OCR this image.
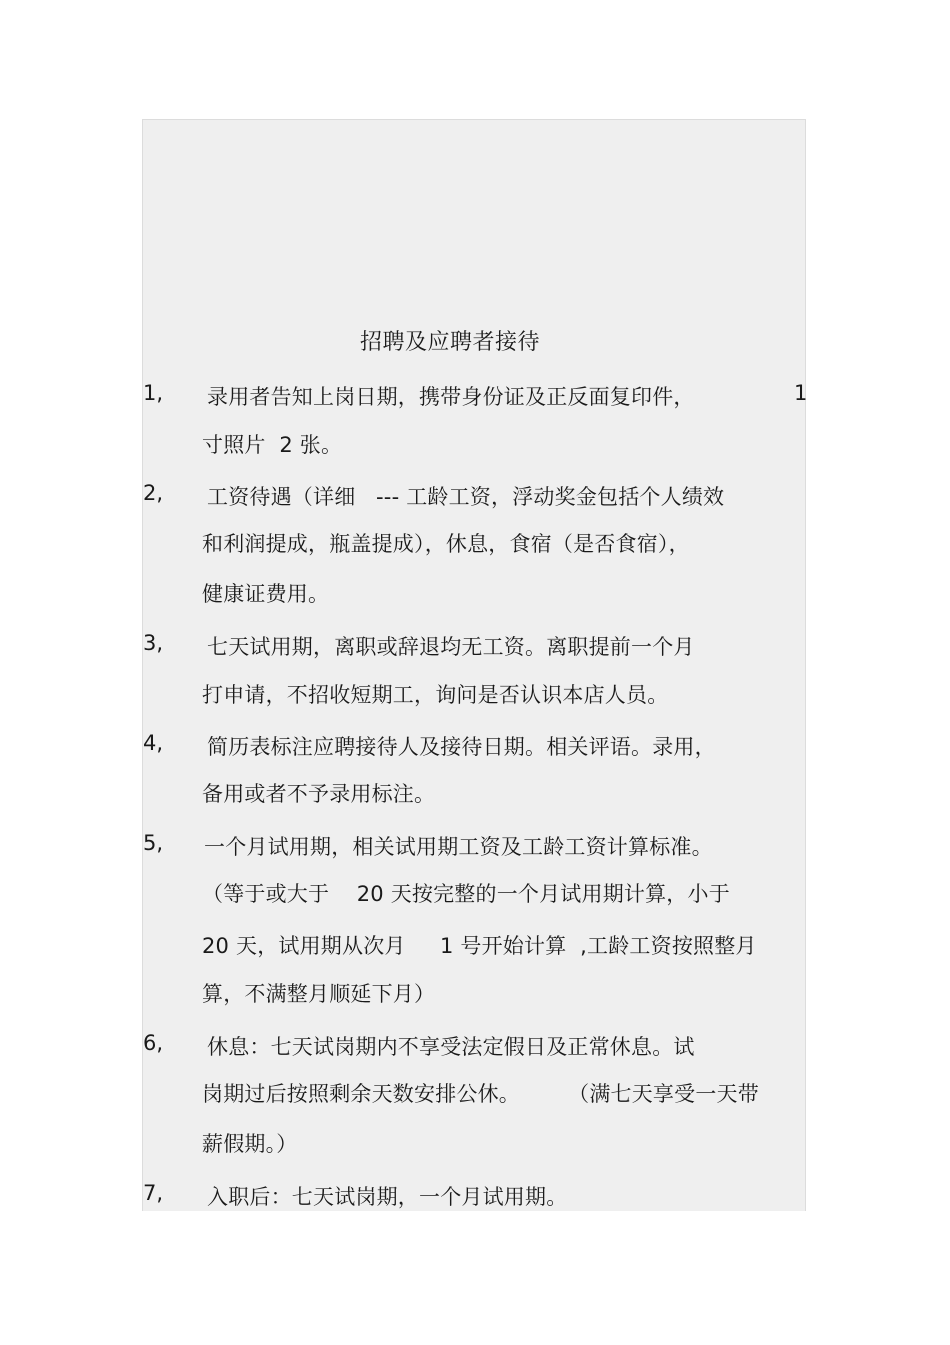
招聘及应聘者接待
1, 录用者告知上岗日期，携带身份证及正反面复印件，	1
寸照片  2 张。
2, 工资待遇（详细   --- 工龄工资，浮动奖金包括个人绩效
和利润提成，瓶盖提成），休息，食宿（是否食宿），
健康证费用。
3, 七天试用期，离职或辞退均无工资。离职提前一个月
打申请，不招收短期工，询问是否认识本店人员。
4, 简历表标注应聘接待人及接待日期。相关评语。录用，
备用或者不予录用标注。
5, 一个月试用期，相关试用期工资及工龄工资计算标准。
（等于或大于    20 天按完整的一个月试用期计算，小于
20 天，试用期从次月     1 号开始计算  ,工龄工资按照整月
算，不满整月顺延下月）
6, 休息：七天试岗期内不享受法定假日及正常休息。试
岗期过后按照剩余天数安排公休。       （满七天享受一天带
薪假期。）
7, 入职后：七天试岗期，一个月试用期。
